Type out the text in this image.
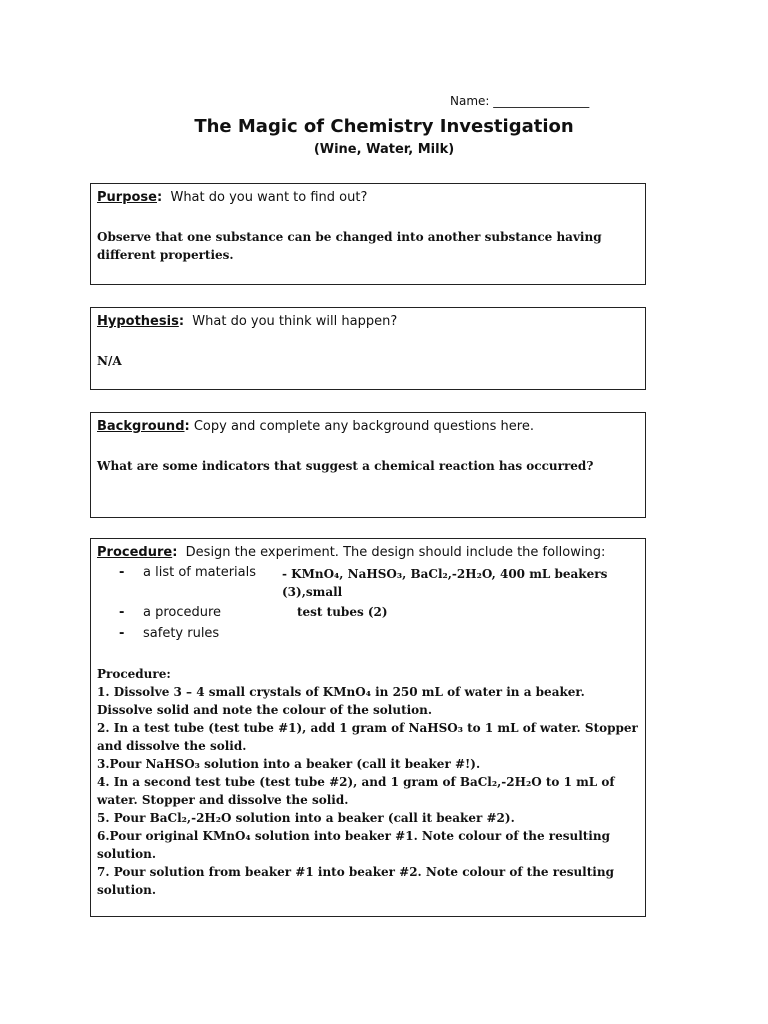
Name: ________________
The Magic of Chemistry Investigation
(Wine, Water, Milk)
Purpose: What do you want to find out?
Observe that one substance can be changed into another substance having different properties.
Hypothesis: What do you think will happen?
N/A
Background: Copy and complete any background questions here.
What are some indicators that suggest a chemical reaction has occurred?
Procedure: Design the experiment. The design should include the following:
- a list of materials - KMnO₄, NaHSO₃, BaCl₂,-2H₂O, 400 mL beakers (3),small
- a procedure	test tubes (2)
- safety rules
Procedure:
1. Dissolve 3 – 4 small crystals of KMnO₄ in 250 mL of water in a beaker. Dissolve solid and note the colour of the solution.
2. In a test tube (test tube #1), add 1 gram of NaHSO₃ to 1 mL of water. Stopper and dissolve the solid.
3.Pour NaHSO₃ solution into a beaker (call it beaker #!).
4. In a second test tube (test tube #2), and 1 gram of BaCl₂,-2H₂O to 1 mL of water. Stopper and dissolve the solid.
5. Pour BaCl₂,-2H₂O solution into a beaker (call it beaker #2).
6.Pour original KMnO₄ solution into beaker #1. Note colour of the resulting solution.
7. Pour solution from beaker #1 into beaker #2. Note colour of the resulting solution.
